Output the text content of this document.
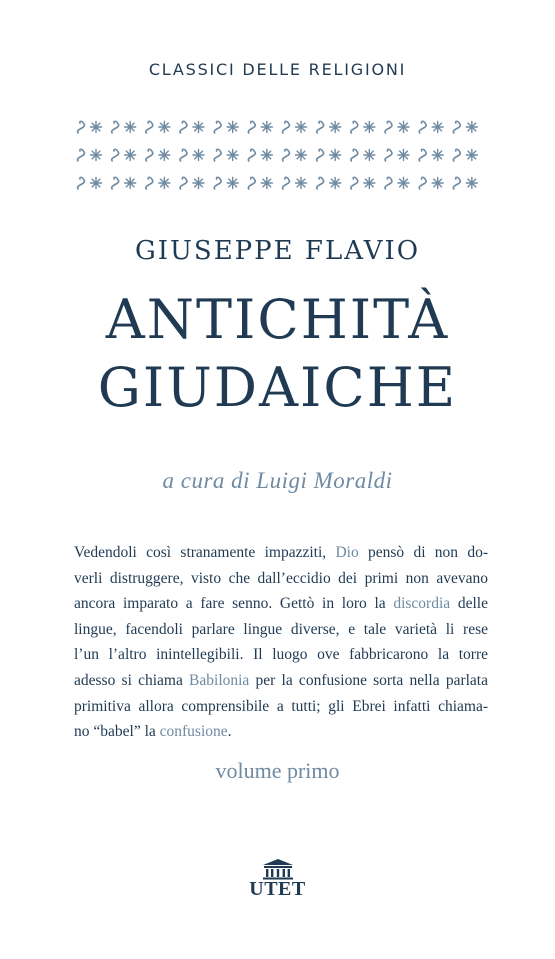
CLASSICI DELLE RELIGIONI
GIUSEPPE FLAVIO
ANTICHITÀ
GIUDAICHE
a cura di Luigi Moraldi
Vedendoli così stranamente impazziti, Dio pensò di non do-
verli distruggere, visto che dall’eccidio dei primi non avevano
ancora imparato a fare senno. Gettò in loro la discordia delle
lingue, facendoli parlare lingue diverse, e tale varietà li rese
l’un l’altro inintellegibili. Il luogo ove fabbricarono la torre
adesso si chiama Babilonia per la confusione sorta nella parlata
primitiva allora comprensibile a tutti; gli Ebrei infatti chiama-
no “babel” la confusione.
volume primo
UTET
